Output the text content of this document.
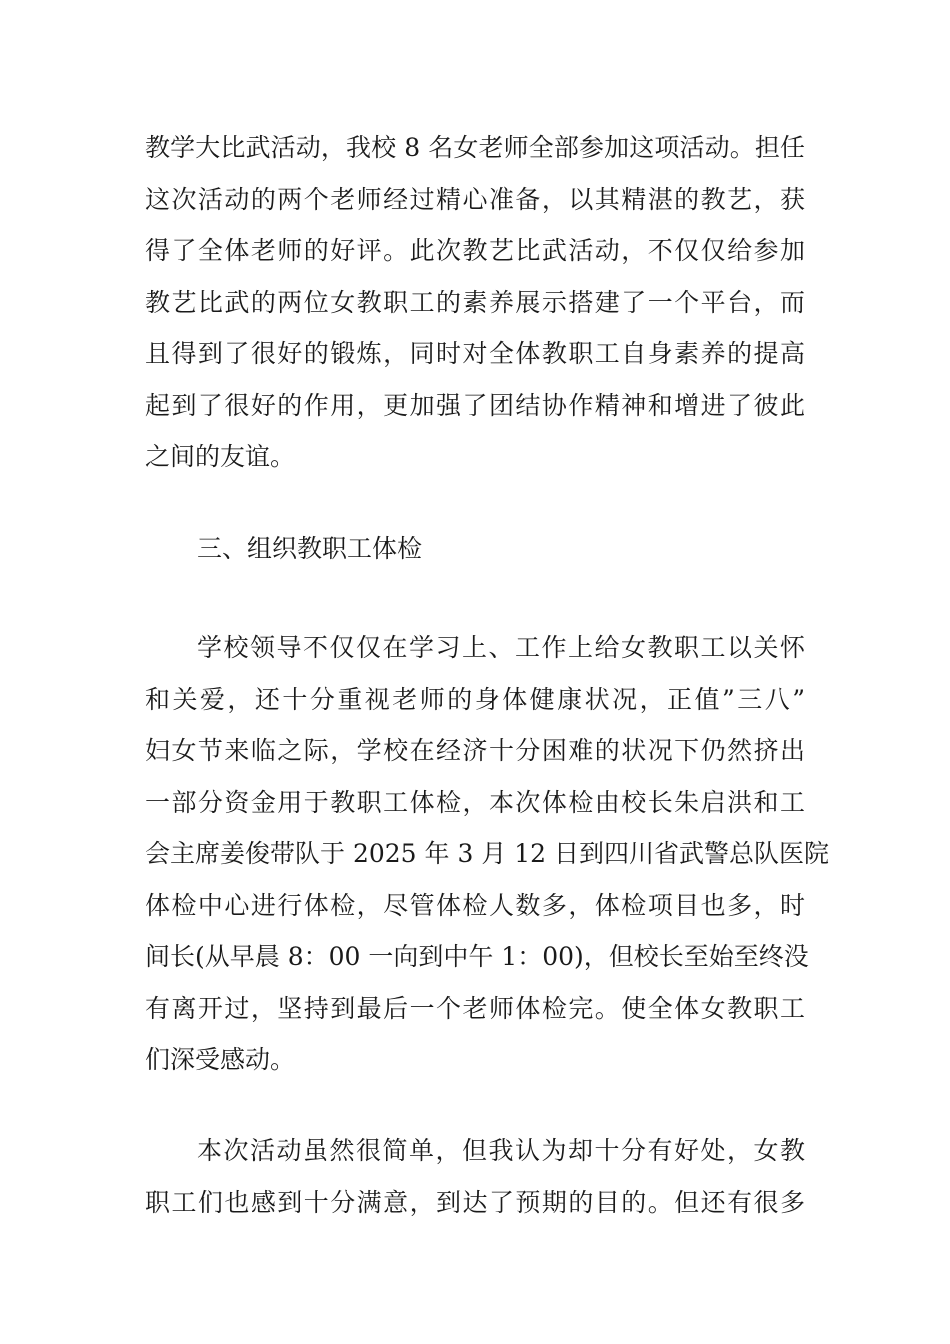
教学大比武活动，我校 8 名女老师全部参加这项活动。担任
这次活动的两个老师经过精心准备，以其精湛的教艺，获
得了全体老师的好评。此次教艺比武活动，不仅仅给参加
教艺比武的两位女教职工的素养展示搭建了一个平台，而
且得到了很好的锻炼，同时对全体教职工自身素养的提高
起到了很好的作用，更加强了团结协作精神和增进了彼此
之间的友谊。
三、组织教职工体检
学校领导不仅仅在学习上、工作上给女教职工以关怀
和关爱，还十分重视老师的身体健康状况，正值”三八”
妇女节来临之际，学校在经济十分困难的状况下仍然挤出
一部分资金用于教职工体检，本次体检由校长朱启洪和工
会主席姜俊带队于 2025 年 3 月 12 日到四川省武警总队医院
体检中心进行体检，尽管体检人数多，体检项目也多，时
间长(从早晨 8：00 一向到中午 1：00)，但校长至始至终没
有离开过，坚持到最后一个老师体检完。使全体女教职工
们深受感动。
本次活动虽然很简单，但我认为却十分有好处，女教
职工们也感到十分满意，到达了预期的目的。但还有很多
